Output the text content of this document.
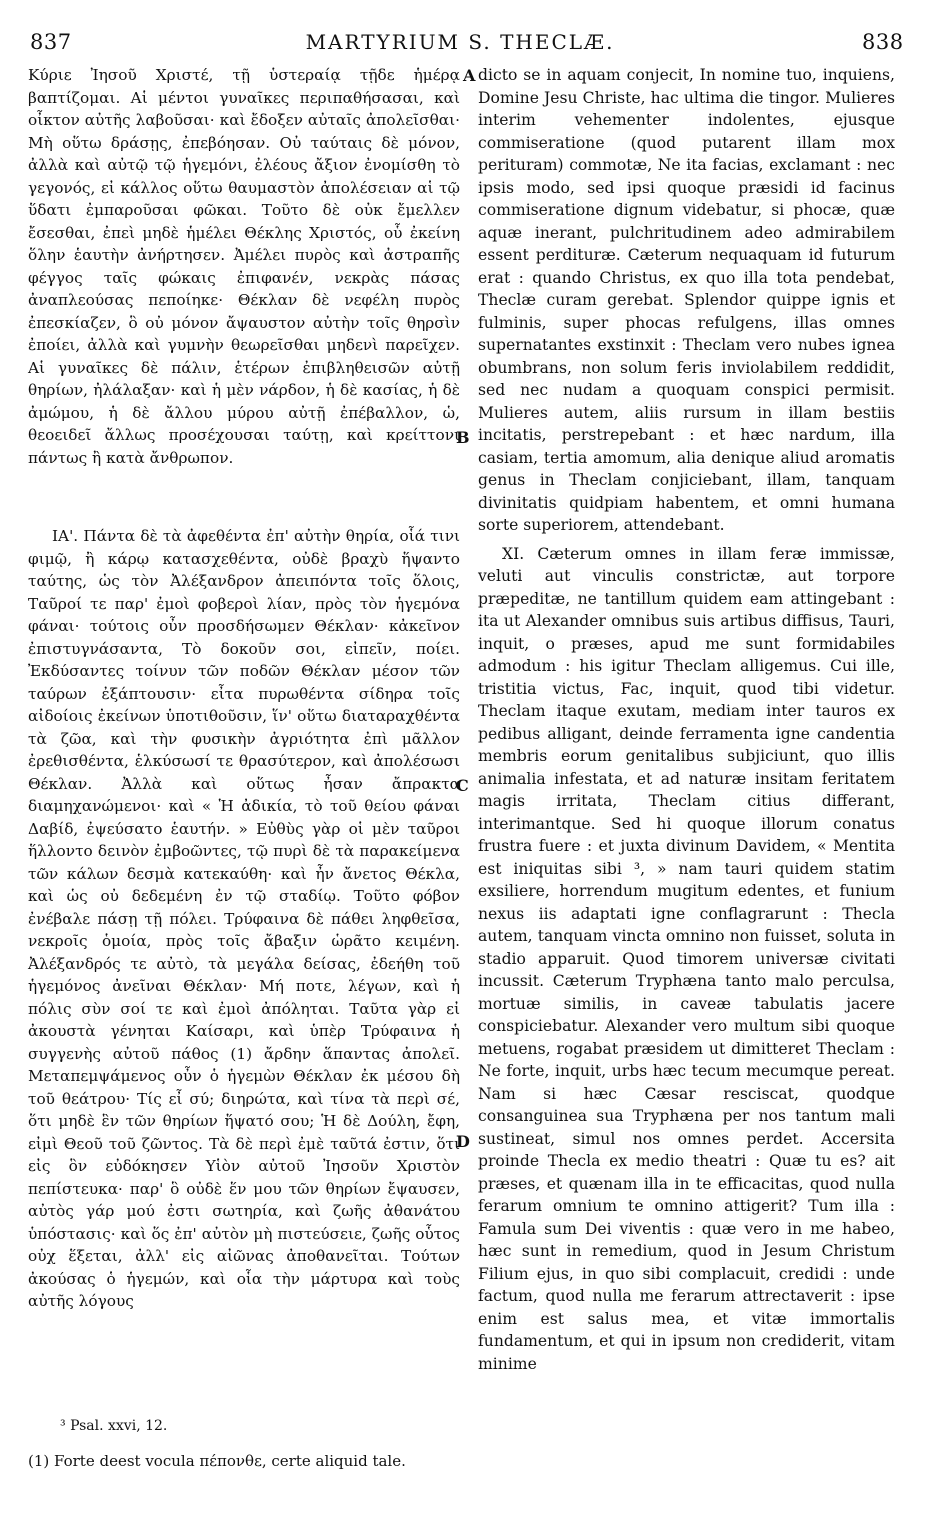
837	MARTYRIUM S. THECLÆ.	838

Κύριε Ἰησοῦ Χριστέ, τῇ ὑστεραίᾳ τῇδε ἡμέρᾳ βαπτίζομαι. Αἱ μέντοι γυναῖκες περιπαθήσασαι, καὶ οἶκτον αὐτῆς λαβοῦσαι· καὶ ἔδοξεν αὐταῖς ἀπολεῖσθαι· Μὴ οὕτω δράσῃς, ἐπεβόησαν. Οὐ ταύταις δὲ μόνον, ἀλλὰ καὶ αὐτῷ τῷ ἡγεμόνι, ἐλέους ἄξιον ἐνομίσθη τὸ γεγονός, εἰ κάλλος οὕτω θαυμαστὸν ἀπολέσειαν αἱ τῷ ὕδατι ἐμπαροῦσαι φῶκαι. Τοῦτο δὲ οὐκ ἔμελλεν ἔσεσθαι, ἐπεὶ μηδὲ ἡμέλει Θέκλης Χριστός, οὗ ἐκείνη ὅλην ἑαυτὴν ἀνήρτησεν. Ἀμέλει πυρὸς καὶ ἀστραπῆς φέγγος ταῖς φώκαις ἐπιφανέν, νεκρὰς πάσας ἀναπλεούσας πεποίηκε· Θέκλαν δὲ νεφέλη πυρὸς ἐπεσκίαζεν, ὃ οὐ μόνον ἄψαυστον αὐτὴν τοῖς θηρσὶν ἐποίει, ἀλλὰ καὶ γυμνὴν θεωρεῖσθαι μηδενὶ παρεῖχεν. Αἱ γυναῖκες δὲ πάλιν, ἑτέρων ἐπιβληθεισῶν αὐτῇ θηρίων, ἠλάλαξαν· καὶ ἡ μὲν νάρδον, ἡ δὲ κασίας, ἡ δὲ ἀμώμου, ἡ δὲ ἄλλου μύρου αὐτῇ ἐπέβαλλον, ὡ, θεοειδεῖ ἄλλως προσέχουσαι ταύτῃ, καὶ κρείττονι πάντως ἢ κατὰ ἄνθρωπον.

ΙΑ'. Πάντα δὲ τὰ ἀφεθέντα ἐπ' αὐτὴν θηρία, οἷά τινι φιμῷ, ἢ κάρῳ κατασχεθέντα, οὐδὲ βραχὺ ἥψαντο ταύτης, ὡς τὸν Ἀλέξανδρον ἀπειπόντα τοῖς ὅλοις, Ταῦροί τε παρ' ἐμοὶ φοβεροὶ λίαν, πρὸς τὸν ἡγεμόνα φάναι· τούτοις οὖν προσδήσωμεν Θέκλαν· κἀκεῖνον ἐπιστυγνάσαντα, Τὸ δοκοῦν σοι, εἰπεῖν, ποίει. Ἐκδύσαντες τοίνυν τῶν ποδῶν Θέκλαν μέσον τῶν ταύρων ἐξάπτουσιν· εἶτα πυρωθέντα σίδηρα τοῖς αἰδοίοις ἐκείνων ὑποτιθοῦσιν, ἵν' οὕτω διαταραχθέντα τὰ ζῶα, καὶ τὴν φυσικὴν ἀγριότητα ἐπὶ μᾶλλον ἐρεθισθέντα, ἑλκύσωσί τε θρασύτερον, καὶ ἀπολέσωσι Θέκλαν. Ἀλλὰ καὶ οὕτως ἦσαν ἄπρακτα διαμηχανώμενοι· καὶ « Ἡ ἀδικία, τὸ τοῦ θείου φάναι Δαβίδ, ἐψεύσατο ἑαυτήν. » Εὐθὺς γὰρ οἱ μὲν ταῦροι ἥλλοντο δεινὸν ἐμβοῶντες, τῷ πυρὶ δὲ τὰ παρακείμενα τῶν κάλων δεσμὰ κατεκαύθη· καὶ ἦν ἄνετος Θέκλα, καὶ ὡς οὐ δεδεμένη ἐν τῷ σταδίῳ. Τοῦτο φόβον ἐνέβαλε πάσῃ τῇ πόλει. Τρύφαινα δὲ πάθει ληφθεῖσα, νεκροῖς ὁμοία, πρὸς τοῖς ἄβαξιν ὡρᾶτο κειμένη. Ἀλέξανδρός τε αὐτὸ, τὰ μεγάλα δείσας, ἐδεήθη τοῦ ἡγεμόνος ἀνεῖναι Θέκλαν· Μή ποτε, λέγων, καὶ ἡ πόλις σὺν σοί τε καὶ ἐμοὶ ἀπόληται. Ταῦτα γὰρ εἰ ἀκουστὰ γένηται Καίσαρι, καὶ ὑπὲρ Τρύφαινα ἡ συγγενὴς αὐτοῦ πάθος (1) ἄρδην ἅπαντας ἀπολεῖ. Μεταπεμψάμενος οὖν ὁ ἡγεμὼν Θέκλαν ἐκ μέσου δὴ τοῦ θεάτρου· Τίς εἶ σύ; διηρώτα, καὶ τίνα τὰ περὶ σέ, ὅτι μηδὲ ἓν τῶν θηρίων ἥψατό σου; Ἡ δὲ Δούλη, ἔφη, εἰμὶ Θεοῦ τοῦ ζῶντος. Τὰ δὲ περὶ ἐμὲ ταῦτά ἐστιν, ὅτι εἰς ὃν εὐδόκησεν Υἱὸν αὐτοῦ Ἰησοῦν Χριστὸν πεπίστευκα· παρ' ὃ οὐδὲ ἕν μου τῶν θηρίων ἔψαυσεν, αὐτὸς γάρ μού ἐστι σωτηρία, καὶ ζωῆς ἀθανάτου ὑπόστασις· καὶ ὅς ἐπ' αὐτὸν μὴ πιστεύσειε, ζωῆς οὗτος οὐχ ἕξεται, ἀλλ' εἰς αἰῶνας ἀποθανεῖται. Τούτων ἀκούσας ὁ ἡγεμών, καὶ οἷα τὴν μάρτυρα καὶ τοὺς αὐτῆς λόγους

A
B
C
D

dicto se in aquam conjecit, In nomine tuo, inquiens, Domine Jesu Christe, hac ultima die tingor. Mulieres interim vehementer indolentes, ejusque commiseratione (quod putarent illam mox perituram) commotæ, Ne ita facias, exclamant : nec ipsis modo, sed ipsi quoque præsidi id facinus commiseratione dignum videbatur, si phocæ, quæ aquæ inerant, pulchritudinem adeo admirabilem essent perdituræ. Cæterum nequaquam id futurum erat : quando Christus, ex quo illa tota pendebat, Theclæ curam gerebat. Splendor quippe ignis et fulminis, super phocas refulgens, illas omnes supernatantes exstinxit : Theclam vero nubes ignea obumbrans, non solum feris inviolabilem reddidit, sed nec nudam a quoquam conspici permisit. Mulieres autem, aliis rursum in illam bestiis incitatis, perstrepebant : et hæc nardum, illa casiam, tertia amomum, alia denique aliud aromatis genus in Theclam conjiciebant, illam, tanquam divinitatis quidpiam habentem, et omni humana sorte superiorem, attendebant.

XI. Cæterum omnes in illam feræ immissæ, veluti aut vinculis constrictæ, aut torpore præpeditæ, ne tantillum quidem eam attingebant : ita ut Alexander omnibus suis artibus diffisus, Tauri, inquit, o præses, apud me sunt formidabiles admodum : his igitur Theclam alligemus. Cui ille, tristitia victus, Fac, inquit, quod tibi videtur. Theclam itaque exutam, mediam inter tauros ex pedibus alligant, deinde ferramenta igne candentia membris eorum genitalibus subjiciunt, quo illis animalia infestata, et ad naturæ insitam feritatem magis irritata, Theclam citius differant, interimantque. Sed hi quoque illorum conatus frustra fuere : et juxta divinum Davidem, « Mentita est iniquitas sibi ³, » nam tauri quidem statim exsiliere, horrendum mugitum edentes, et funium nexus iis adaptati igne conflagrarunt : Thecla autem, tanquam vincta omnino non fuisset, soluta in stadio apparuit. Quod timorem universæ civitati incussit. Cæterum Tryphæna tanto malo perculsa, mortuæ similis, in caveæ tabulatis jacere conspiciebatur. Alexander vero multum sibi quoque metuens, rogabat præsidem ut dimitteret Theclam : Ne forte, inquit, urbs hæc tecum mecumque pereat. Nam si hæc Cæsar resciscat, quodque consanguinea sua Tryphæna per nos tantum mali sustineat, simul nos omnes perdet. Accersita proinde Thecla ex medio theatri : Quæ tu es? ait præses, et quænam illa in te efficacitas, quod nulla ferarum omnium te omnino attigerit? Tum illa : Famula sum Dei viventis : quæ vero in me habeo, hæc sunt in remedium, quod in Jesum Christum Filium ejus, in quo sibi complacuit, credidi : unde factum, quod nulla me ferarum attrectaverit : ipse enim est salus mea, et vitæ immortalis fundamentum, et qui in ipsum non crediderit, vitam minime

³ Psal. xxvi, 12.
(1) Forte deest vocula πέπονθε, certe aliquid tale.
